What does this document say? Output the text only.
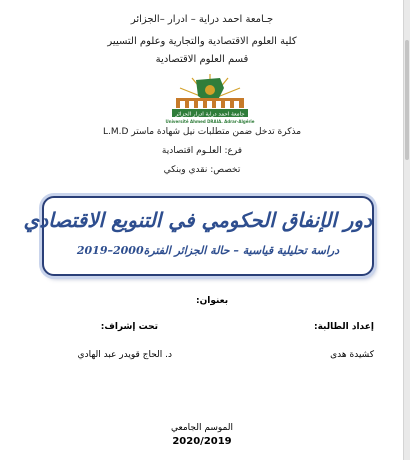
جـامعة احمد دراية – ادرار –الجزائر
كلية العلوم الاقتصادية والتجارية وعلوم التسيير
قسم العلوم الاقتصادية
جامعة احمد دراية ادرار الجزائر
Université Ahmed DRAIA. Adrar-Algérie
مذكرة تدخل ضمن متطلبات نيل شهادة ماستر L.M.D
فرع: العلـوم اقتصادية
تخصص: نقدي وبنكي
دور الإنفاق الحكومي في التنويع الاقتصادي
دراسة تحليلية قياسية – حالة الجزائر الفترة2000–2019
بعنوان:
إعداد الطالبة:
تحت إشراف:
كشيدة هدى
د. الحاج قويدر عبد الهادي
الموسم الجامعي
2020/2019
